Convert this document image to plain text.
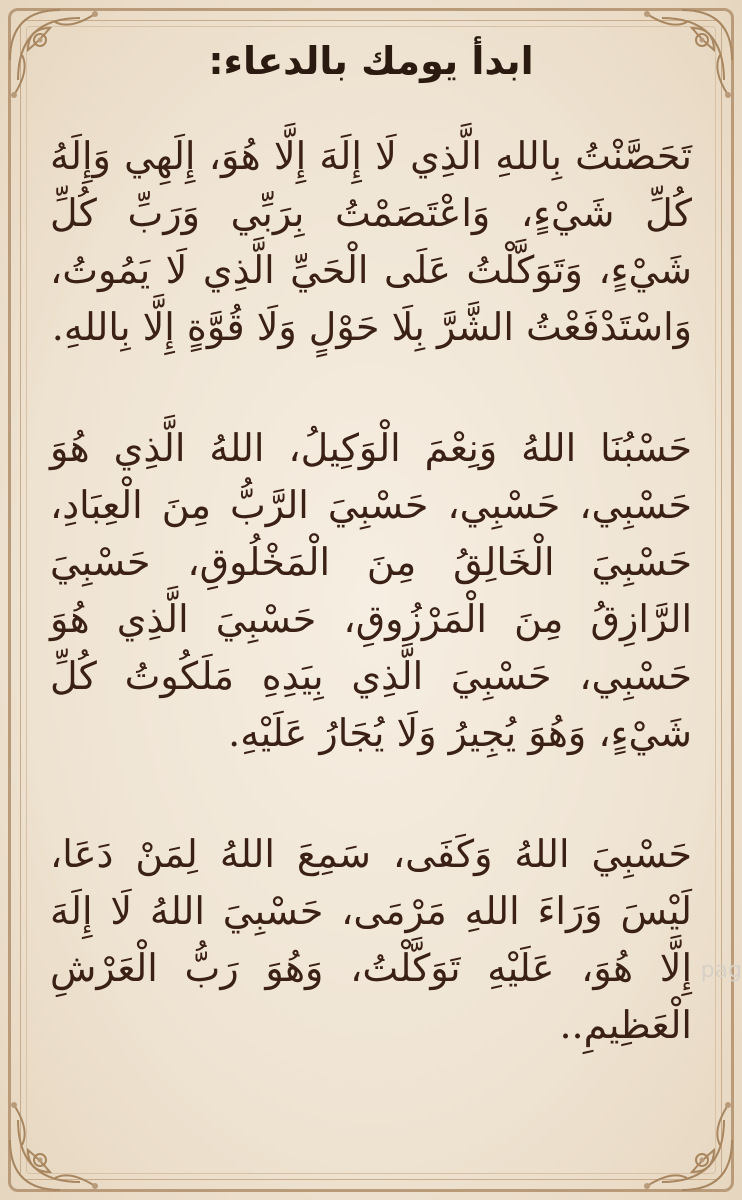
ابدأ يومك بالدعاء:

تَحَصَّنْتُ بِاللهِ الَّذِي لَا إِلَهَ إِلَّا هُوَ، إِلَهِي وَإِلَهُ كُلِّ شَيْءٍ، وَاعْتَصَمْتُ بِرَبِّي وَرَبِّ كُلِّ شَيْءٍ، وَتَوَكَّلْتُ عَلَى الْحَيِّ الَّذِي لَا يَمُوتُ، وَاسْتَدْفَعْتُ الشَّرَّ بِلَا حَوْلٍ وَلَا قُوَّةٍ إِلَّا بِاللهِ.

حَسْبُنَا اللهُ وَنِعْمَ الْوَكِيلُ، اللهُ الَّذِي هُوَ حَسْبِي، حَسْبِي، حَسْبِيَ الرَّبُّ مِنَ الْعِبَادِ، حَسْبِيَ الْخَالِقُ مِنَ الْمَخْلُوقِ، حَسْبِيَ الرَّازِقُ مِنَ الْمَرْزُوقِ، حَسْبِيَ الَّذِي هُوَ حَسْبِي، حَسْبِيَ الَّذِي بِيَدِهِ مَلَكُوتُ كُلِّ شَيْءٍ، وَهُوَ يُجِيرُ وَلَا يُجَارُ عَلَيْهِ.

حَسْبِيَ اللهُ وَكَفَى، سَمِعَ اللهُ لِمَنْ دَعَا، لَيْسَ وَرَاءَ اللهِ مَرْمَى، حَسْبِيَ اللهُ لَا إِلَهَ إِلَّا هُوَ، عَلَيْهِ تَوَكَّلْتُ، وَهُوَ رَبُّ الْعَرْشِ الْعَظِيمِ..

pag
